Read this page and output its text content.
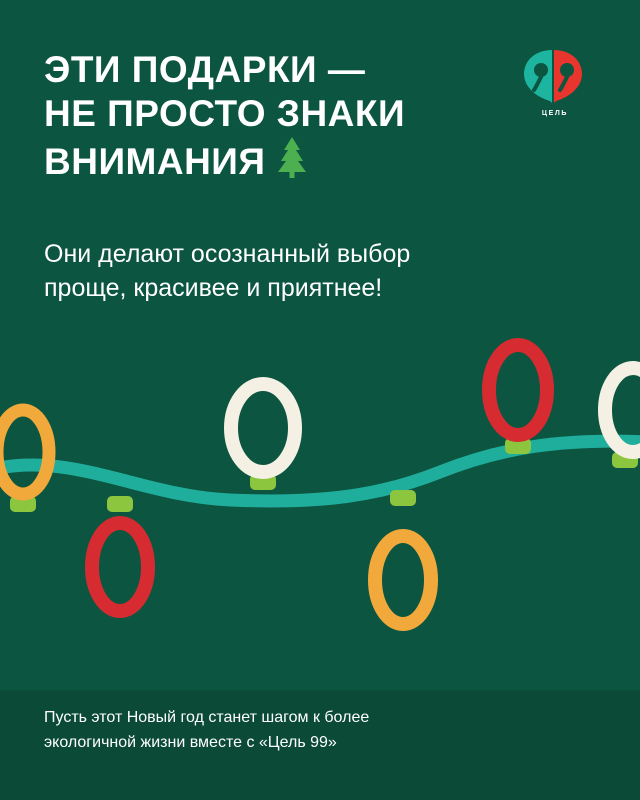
ЦЕЛЬ
ЭТИ ПОДАРКИ —
НЕ ПРОСТО ЗНАКИ
ВНИМАНИЯ
Они делают осознанный выбор
проще, красивее и приятнее!
Пусть этот Новый год станет шагом к более
экологичной жизни вместе с «Цель 99»
